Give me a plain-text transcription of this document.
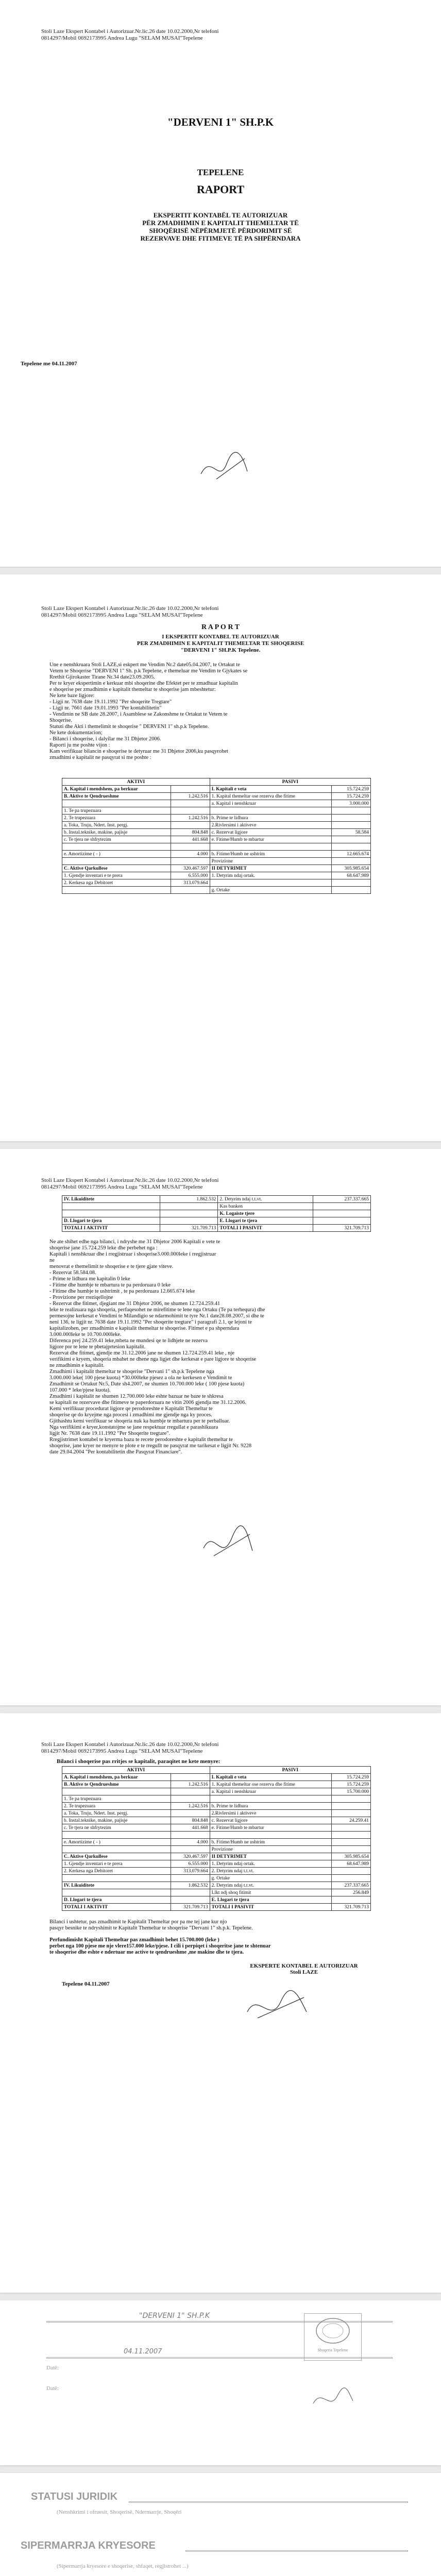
Stoli Laze Ekspert Kontabel i Autorizuar.Nr.lic.26 date 10.02.2000,Nr telefoni
0814297/Mobil 0692173995 Andrea Lugu "SELAM MUSAI"Tepelene
"DERVENI 1" SH.P.K
TEPELENE
RAPORT
EKSPERTIT KONTABËL TE AUTORIZUAR
PËR ZMADHIMIN E KAPITALIT THEMELTAR TË
SHOQËRISË NËPËRMJETË PËRDORIMIT SË
REZERVAVE DHE FITIMEVE TË PA SHPËRNDARA
Tepelene me 04.11.2007
Stoli Laze Ekspert Kontabel i Autorizuar.Nr.lic.26 date 10.02.2000,Nr telefoni
0814297/Mobil 0692173995 Andrea Lugu "SELAM MUSAI"Tepelene
R A P O R T
I EKSPERTIT KONTABEL TE AUTORIZUAR
PER ZMADHIMIN E KAPITALIT THEMELTAR TE SHOQERISE
"DERVENI 1" SH.P.K Tepelene.
Une e nenshkruara Stoli LAZE,si eskpert me Vendim Nr.2 date05.04.2007, te Ortakut te
Vetem te Shoqerise "DERVENI 1" Sh. p.k Tepelene, e themeluar me Vendim te Gjykates se
Rrethit Gjirokaster Tirane Nr.34 date23.09.2005.
Per te kryer ekspertimin e kerkuar mbi shoqerine dhe Efektet per te zmadhuar kapitalin
e shoqerise per zmadhimin e kapitalit themeltar te shoqerise jam mbeshtetur:
Ne kete baze ligjore:
- Ligji nr. 7638 date 19.11.1992 "Per shoqerite Tregtare"
- Ligji nr. 7661 date 19.01.1993 "Per kontabilitetin"
- Vendimin ne SB date 28.2007, i Asamblese se Zakonshme te Ortakut te Vetem te
Shoqerise.
Statuti dhe Akti i themelimit te shoqerise " DERVENI 1" sh.p.k Tepelene.
Ne kete dokumentacion;
- Bilanci i shoqerise, i dalyilar me 31 Dhjetor 2006.
Raporti ju me poshte vijon :
Kam verifikuar bilancin e shoqerise te detyruar me 31 Dhjetor 2006,ku pasqyrohet
zmadhimi e kapitalit ne pasqyrat si me poshte :
AKTIVI		PASIVI	
A. Kapital i mendshem, pa berkuar		I. Kapitali e veta	15.724.259
B. Aktive te Qendrueshme	1.242.516	1. Kapital themeltar ose rezerva dhe fitime	15.724.259
		a. Kapital i nenshkruar	3.000.000
1. Te pa trupezuara			
2. Te trupezuara	1.242.516	b. Prime te lidhura	
a. Toka, Truju, Ndert. Inst. pergj.		2.Rivlersimi i aktiveve	
b. Instal.teknike, makine, pajisje	804.848	c. Rezervat ligjore	58.584
c. Te tjera ne shfrytezim	441.668	e. Fitime/Humb te mbartur	

e. Amortizime ( - )	4.000	b. Fitime/Humb ne ushtrim	12.665.674
		Provizione	
C. Aktive Qarkullese	320.467.597	II DETYRIMET	305.985.654
1. Gjendje inventari e te prera	6.555.000	1. Detyrim ndaj ortak.	68.647.989
2. Kerkesa nga Debitoret	313.079.664		
		g. Ortake	
Stoli Laze Ekspert Kontabel i Autorizuar.Nr.lic.26 date 10.02.2000,Nr telefoni
0814297/Mobil 0692173995 Andrea Lugu "SELAM MUSAI"Tepelene
IV. Likuiditete	1.862.532	2. Detyrim ndaj t.t.vt.	237.337.665
		Kas banken	
		K. Logaiste tjere	
D. Llogari te tjera		E. Llogari te tjera	
TOTALI I AKTIVIT	321.709.713	TOTALI I PASIVIT	321.709.713
Ne ate shihet edhe nga bilanci, i ndryshe me 31 Dhjetor 2006 Kapitali e vete te
shoqerise jane 15.724.259 leke dhe perbehet nga :
Kapitali i nenshkruar dhe i rregjistruar i shoqerise3.000.000leke i rregjistruar
ne
menovrat e themelimit te shoqerise e te tjere gjate viteve.
- Rezervat 58.584.08.
- Prime te lidhura me kapitalin 0 leke
- Fitime dhe humbje te mbartura te pa perdoruara 0 leke
- Fitime dhe humbje te ushtrimit , te pa perdoruara 12.665.674 leke
- Provizione per rreziqellojne
- Rezervat dhe fitimet, djegiant me 31 Dhjetor 2006, ne shumen 12.724.259.41
leke te realizuara nga shoqeria, perfaqesohet ne mirefitime te lene nga Ortaku (Te pa terhequra) dhe
permesojne kerkesat e Vendimi te Milandigio se ndarmohimit te tyre Nr.1 date28.08.2007, si dhe te
neni 136, te ligjit nr. 7638 date 19.11.1992 "Per shoqerite tregtare" i paragrafi 2.1, qe lejoni te
kapitalizohen, per zmadhimin e kapitalit themeltar te shoqerise. Fitimet e pa shperndara
3.000.000leke te 10.700.000leke.
Diferenca prej 24.259.41 leke,mbeta ne mundesi qe te lidhjete ne rezerva
ligjore por te lene te pbetajprtesion kapitalit.
Rezervat dhe fitimet, gjendje me 31.12.2006 jane ne shumen 12.724.259.41 leke , nje
verifikimi e kryem, shoqeria mbahet ne dhene nga ligjet dhe kerkesat e pare ligjore te shoqerise
ne zmadhimin e kapitalit.
Zmadhimi i kapitalit themeltar te shoqerise "Dervani 1" sh.p.k Tepelene nga
3.000.000 leke( 100 pjese kuota) *30.000leke pjesez a ola ne kerkesen e Vendimit te
Zmadhimit se Ortakut Nr.5, Date sh4.2007, ne shumen 10.700.000 leke ( 100 pjese kuota)
107.000 * leke/pjese kuota).
Zmadhimi i kapitalit ne shumen 12.700.000 leke eshte bazuar ne baze te shkresa
se kapitali ne rezervave dhe fitimeve te paperdoruara ne vitin 2006 gjendja me 31.12.2006.
Kemi verifikuar procedurat ligjore qe perodoreshte e Kapitalit Themeltar te
shoqerise qe do kryejme nga procesi i zmadhimi me gjendje nga ky proces.
Gjithashtu kemi verifikuar se shoqeria nuk ka humbje te mbartura per te perballuar.
Nga verifikimi e kryer,konstatojme se jane respektuar rregullat e parashikuara
ligjit Nr. 7638 date 19.11.1992 "Per Shoqerite tregtare".
Rregjistrimet kontabel te kryerma bazu te recete perodoreshte e kapitalit themeltar te
shoqerise, jane kryer ne menyre te plote e te rregullt ne pasqyrat me tarikesat e ligjit Nr. 9228
date 29.04.2004 "Per kontabilitetin dhe Pasqyrat Financiare".
Stoli Laze Ekspert Kontabel i Autorizuar.Nr.lic.26 date 10.02.2000,Nr telefoni
0814297/Mobil 0692173995 Andrea Lugu "SELAM MUSAI"Tepelene
Bilanci i shoqerise pas rritjes se kapitalit, paraqitet ne kete menyre:
AKTIVI		PASIVI	
A. Kapital i mendshem, pa berkuar		I. Kapitali e veta	15.724.259
B. Aktive te Qendrueshme	1.242.516	1. Kapital themeltar ose rezerva dhe fitime	15.724.259
		a. Kapital i nenshkruar	15.700.000
1. Te pa trupezuara			
2. Te trupezuara	1.242.516	b. Prime te lidhura	
a. Toka, Truju, Ndert. Inst. pergj.		2.Rivlersimi i aktiveve	
b. Instal.teknike, makine, pajisje	804.848	c. Rezervat ligjore	24.259.41
c. Te tjera ne shfrytezim	441.668	e. Fitime/Humb te mbartur	

e. Amortizime ( - )	4.000	b. Fitime/Humb ne ushtrim	
		Provizione	
C. Aktive Qarkullese	320.467.597	II DETYRIMET	305.985.654
1. Gjendje inventari e te prera	6.555.000	1. Detyrim ndaj ortak.	68.647.989
2. Kerkesa nga Debitoret	313.079.664	2. Detyrim ndaj t.t.vt.	
		g. Ortake	
IV. Likuiditete	1.862.532	2. Detyrim ndaj t.t.vt.	237.337.665
		Llkt ndj shoq fitimit	256.849
D. Llogari te tjera		E. Llogari te tjera	
TOTALI I AKTIVIT	321.709.713	TOTALI I PASIVIT	321.709.713
Bilanci i ushtetur, pas zmadhimit te Kapitalit Themeltar por pa me tej jane kur njo
pasqyr besnike te ndryshimit te Kapitalit Themeltar te shoqerise "Dervani 1" sh.p.k. Tepelene.
Perfundimisht Kapitali Themeltar pas zmadhimit behet 15.700.000 (leke )
perbet nga 100 pjese me nje vlere157.000 leke/pjese. I cili i perpiqet i shoqeritse jane te shtenuar
te shoqerise dhe eshte e ndertuar me active te qendrueshme ,me makine dhe te tjera.
EKSPERTE KONTABEL E AUTORIZUAR
Stoli LAZE
Tepelene 04.11.2007
"DERVENI 1" SH.P.K
04.11.2007
Datë:
Datë:
Shoqeria Tepelene
STATUSI JURIDIK
(Nenshkrimi i ofruesit, Shoqerisë, Ndermarrje, Shoqëri
SIPERMARRJA KRYESORE
(Sipermarrja kryesore e shoqerise, shfaqet, regjistrohet ...)
